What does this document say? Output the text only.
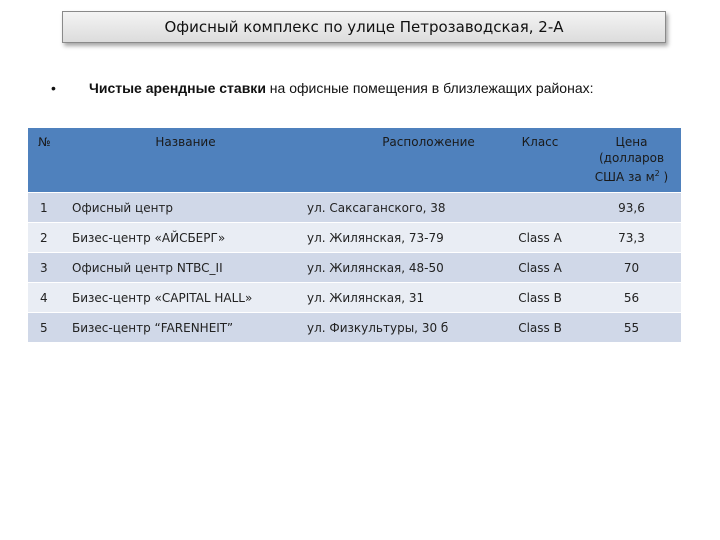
Офисный комплекс по улице Петрозаводская, 2-А
• Чистые арендные ставки на офисные помещения в близлежащих районах:
№	Название	Расположение	Класс	Цена
(долларов
США за $м^2$ )
1	Офисный центр	ул. Саксаганского, 38		93,6
2	Бизес-центр «АЙСБЕРГ»	ул. Жилянская, 73-79	Class A	73,3
3	Офисный центр NTBC_II	ул. Жилянская, 48-50	Class A	70
4	Бизес-центр «CAPITAL HALL»	ул. Жилянская, 31	Class B	56
5	Бизес-центр “FARENHEIT”	ул. Физкультуры, 30 б	Class B	55
